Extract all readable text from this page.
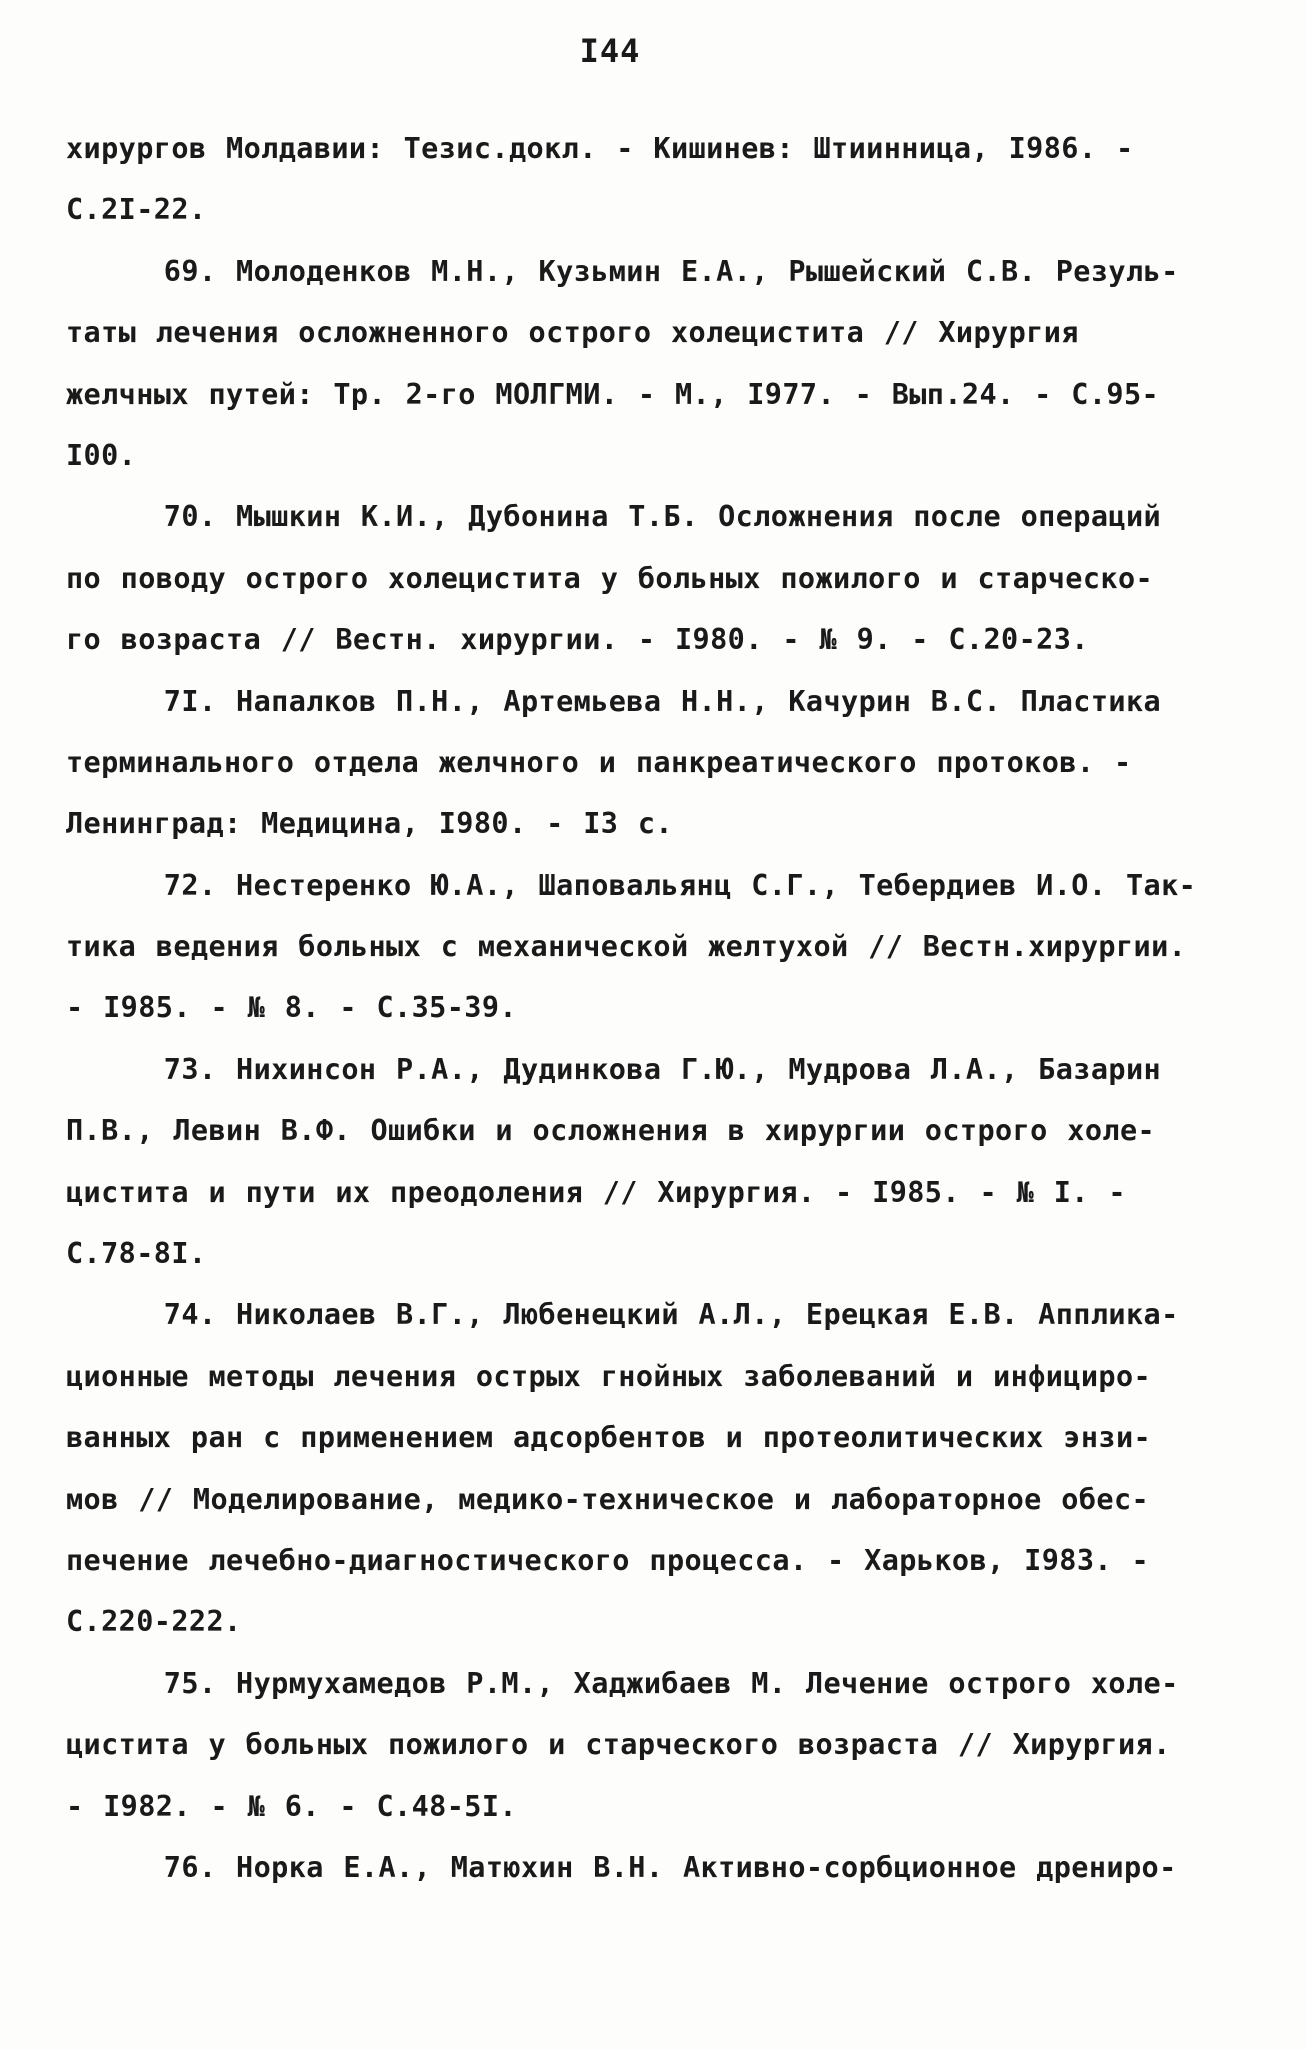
I44
хирургов Молдавии: Тезис.докл. - Кишинев: Штиинница, I986. -
С.2I-22.
69. Молоденков М.Н., Кузьмин Е.А., Рышейский С.В. Резуль-
таты лечения осложненного острого холецистита // Хирургия
желчных путей: Тр. 2-го МОЛГМИ. - М., I977. - Вып.24. - С.95-
I00.
70. Мышкин К.И., Дубонина Т.Б. Осложнения после операций
по поводу острого холецистита у больных пожилого и старческо-
го возраста // Вестн. хирургии. - I980. - № 9. - С.20-23.
7I. Напалков П.Н., Артемьева Н.Н., Качурин В.С. Пластика
терминального отдела желчного и панкреатического протоков. -
Ленинград: Медицина, I980. - I3 с.
72. Нестеренко Ю.А., Шаповальянц С.Г., Тебердиев И.О. Так-
тика ведения больных с механической желтухой // Вестн.хирургии.
- I985. - № 8. - С.35-39.
73. Нихинсон Р.А., Дудинкова Г.Ю., Мудрова Л.А., Базарин
П.В., Левин В.Ф. Ошибки и осложнения в хирургии острого холе-
цистита и пути их преодоления // Хирургия. - I985. - № I. -
С.78-8I.
74. Николаев В.Г., Любенецкий А.Л., Ерецкая Е.В. Аппликa-
ционные методы лечения острых гнойных заболеваний и инфициро-
ванных ран с применением адсорбентов и протеолитических энзи-
мов // Моделирование, медико-техническое и лабораторное обес-
печение лечебно-диагностического процесса. - Харьков, I983. -
С.220-222.
75. Нурмухамедов Р.М., Хаджибаев М. Лечение острого холе-
цистита у больных пожилого и старческого возраста // Хирургия.
- I982. - № 6. - С.48-5I.
76. Норка Е.А., Матюхин В.Н. Активно-сорбционное дрениро-
